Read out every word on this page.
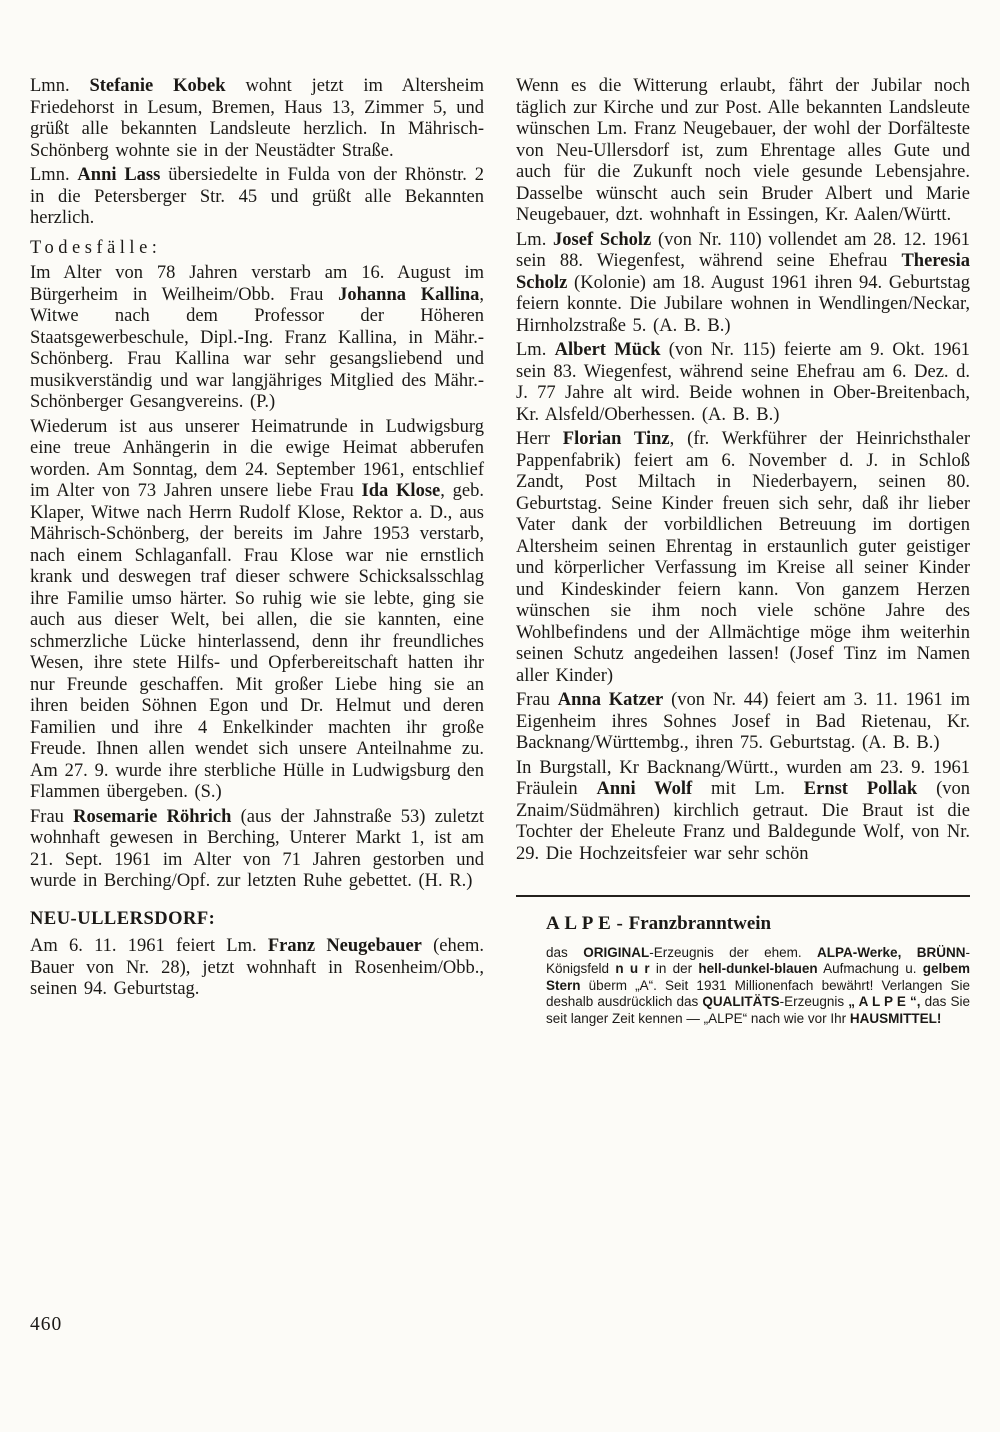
Lmn. Stefanie Kobek wohnt jetzt im Altersheim Friedehorst in Lesum, Bremen, Haus 13, Zimmer 5, und grüßt alle bekannten Landsleute herzlich. In Mährisch-Schönberg wohnte sie in der Neustädter Straße.
Lmn. Anni Lass übersiedelte in Fulda von der Rhönstr. 2 in die Petersberger Str. 45 und grüßt alle Bekannten herzlich.
Todesfälle:
Im Alter von 78 Jahren verstarb am 16. August im Bürgerheim in Weilheim/Obb. Frau Johanna Kallina, Witwe nach dem Professor der Höheren Staatsgewerbeschule, Dipl.-Ing. Franz Kallina, in Mähr.-Schönberg. Frau Kallina war sehr gesangsliebend und musikverständig und war langjähriges Mitglied des Mähr.-Schönberger Gesangvereins. (P.)
Wiederum ist aus unserer Heimatrunde in Ludwigsburg eine treue Anhängerin in die ewige Heimat abberufen worden. Am Sonntag, dem 24. September 1961, entschlief im Alter von 73 Jahren unsere liebe Frau Ida Klose, geb. Klaper, Witwe nach Herrn Rudolf Klose, Rektor a. D., aus Mährisch-Schönberg, der bereits im Jahre 1953 verstarb, nach einem Schlaganfall. Frau Klose war nie ernstlich krank und deswegen traf dieser schwere Schicksalsschlag ihre Familie umso härter. So ruhig wie sie lebte, ging sie auch aus dieser Welt, bei allen, die sie kannten, eine schmerzliche Lücke hinterlassend, denn ihr freundliches Wesen, ihre stete Hilfs- und Opferbereitschaft hatten ihr nur Freunde geschaffen. Mit großer Liebe hing sie an ihren beiden Söhnen Egon und Dr. Helmut und deren Familien und ihre 4 Enkelkinder machten ihr große Freude. Ihnen allen wendet sich unsere Anteilnahme zu. Am 27. 9. wurde ihre sterbliche Hülle in Ludwigsburg den Flammen übergeben. (S.)
Frau Rosemarie Röhrich (aus der Jahnstraße 53) zuletzt wohnhaft gewesen in Berching, Unterer Markt 1, ist am 21. Sept. 1961 im Alter von 71 Jahren gestorben und wurde in Berching/Opf. zur letzten Ruhe gebettet. (H. R.)
NEU-ULLERSDORF:
Am 6. 11. 1961 feiert Lm. Franz Neugebauer (ehem. Bauer von Nr. 28), jetzt wohnhaft in Rosenheim/Obb., seinen 94. Geburtstag.
Wenn es die Witterung erlaubt, fährt der Jubilar noch täglich zur Kirche und zur Post. Alle bekannten Landsleute wünschen Lm. Franz Neugebauer, der wohl der Dorfälteste von Neu-Ullersdorf ist, zum Ehrentage alles Gute und auch für die Zukunft noch viele gesunde Lebensjahre. Dasselbe wünscht auch sein Bruder Albert und Marie Neugebauer, dzt. wohnhaft in Essingen, Kr. Aalen/Württ.
Lm. Josef Scholz (von Nr. 110) vollendet am 28. 12. 1961 sein 88. Wiegenfest, während seine Ehefrau Theresia Scholz (Kolonie) am 18. August 1961 ihren 94. Geburtstag feiern konnte. Die Jubilare wohnen in Wendlingen/Neckar, Hirnholzstraße 5. (A. B. B.)
Lm. Albert Mück (von Nr. 115) feierte am 9. Okt. 1961 sein 83. Wiegenfest, während seine Ehefrau am 6. Dez. d. J. 77 Jahre alt wird. Beide wohnen in Ober-Breitenbach, Kr. Alsfeld/Oberhessen. (A. B. B.)
Herr Florian Tinz, (fr. Werkführer der Heinrichsthaler Pappenfabrik) feiert am 6. November d. J. in Schloß Zandt, Post Miltach in Niederbayern, seinen 80. Geburtstag. Seine Kinder freuen sich sehr, daß ihr lieber Vater dank der vorbildlichen Betreuung im dortigen Altersheim seinen Ehrentag in erstaunlich guter geistiger und körperlicher Verfassung im Kreise all seiner Kinder und Kindeskinder feiern kann. Von ganzem Herzen wünschen sie ihm noch viele schöne Jahre des Wohlbefindens und der Allmächtige möge ihm weiterhin seinen Schutz angedeihen lassen! (Josef Tinz im Namen aller Kinder)
Frau Anna Katzer (von Nr. 44) feiert am 3. 11. 1961 im Eigenheim ihres Sohnes Josef in Bad Rietenau, Kr. Backnang/Württembg., ihren 75. Geburtstag. (A. B. B.)
In Burgstall, Kr Backnang/Württ., wurden am 23. 9. 1961 Fräulein Anni Wolf mit Lm. Ernst Pollak (von Znaim/Südmähren) kirchlich getraut. Die Braut ist die Tochter der Eheleute Franz und Baldegunde Wolf, von Nr. 29. Die Hochzeitsfeier war sehr schön
A L P E - Franzbranntwein
das ORIGINAL-Erzeugnis der ehem. ALPA-Werke, BRÜNN-Königsfeld n u r in der hell-dunkel-blauen Aufmachung u. gelbem Stern überm „A“. Seit 1931 Millionenfach bewährt! Verlangen Sie deshalb ausdrücklich das QUALITÄTS-Erzeugnis „ A L P E “, das Sie seit langer Zeit kennen — „ALPE“ nach wie vor Ihr HAUSMITTEL!
460
